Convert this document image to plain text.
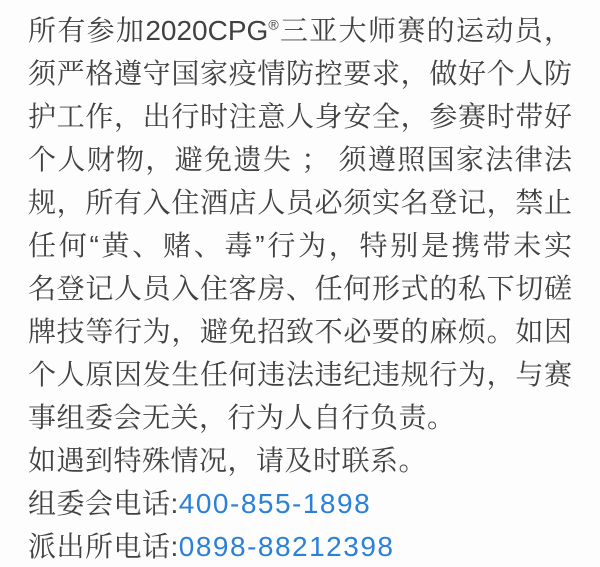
所有参加2020CPG®三亚大师赛的运动员，
须严格遵守国家疫情防控要求，做好个人防
护工作，出行时注意人身安全，参赛时带好
个人财物，避免遗失 ； 须遵照国家法律法
规，所有入住酒店人员必须实名登记，禁止
任何“黄、赌、毒”行为，特别是携带未实
名登记人员入住客房、任何形式的私下切磋
牌技等行为，避免招致不必要的麻烦。如因
个人原因发生任何违法违纪违规行为，与赛
事组委会无关，行为人自行负责。
如遇到特殊情况，请及时联系。
组委会电话:400-855-1898
派出所电话:0898-88212398
